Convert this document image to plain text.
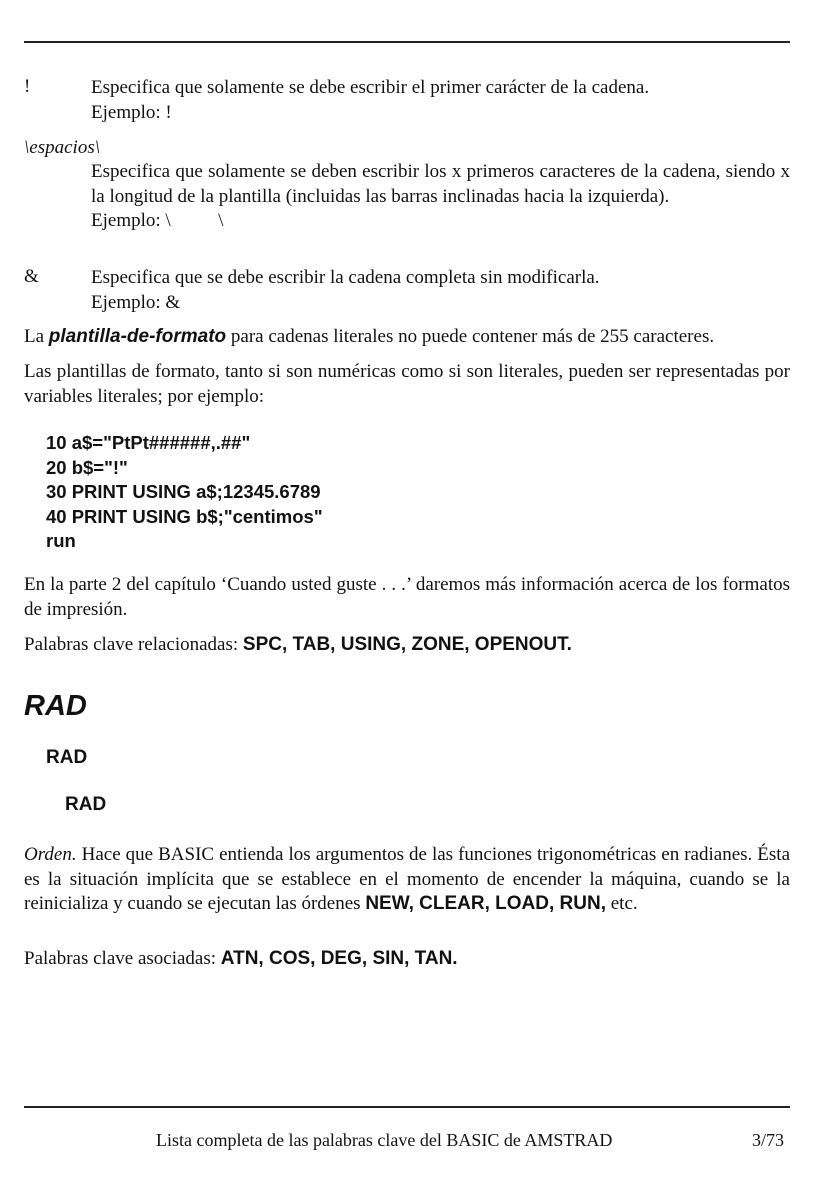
!	Especifica que solamente se debe escribir el primer carácter de la cadena.

Ejemplo: !

\espacios\

Especifica que solamente se deben escribir los x primeros caracteres de la cadena, siendo x la longitud de la plantilla (incluidas las barras inclinadas hacia la izquierda).

Ejemplo: \          \

&	Especifica que se debe escribir la cadena completa sin modificarla.

Ejemplo: &

La plantilla-de-formato para cadenas literales no puede contener más de 255 caracteres.
Las plantillas de formato, tanto si son numéricas como si son literales, pueden ser representadas por variables literales; por ejemplo:
10 a$="PtPt######,.##"
20 b$="!"
30 PRINT USING a$;12345.6789
40 PRINT USING b$;"centimos"
run
En la parte 2 del capítulo ‘Cuando usted guste . . .’ daremos más información acerca de los formatos de impresión.
Palabras clave relacionadas: SPC, TAB, USING, ZONE, OPENOUT.
RAD
RAD
RAD
Orden. Hace que BASIC entienda los argumentos de las funciones trigonométricas en radianes. Ésta es la situación implícita que se establece en el momento de encender la máquina, cuando se la reinicializa y cuando se ejecutan las órdenes NEW, CLEAR, LOAD, RUN, etc.
Palabras clave asociadas: ATN, COS, DEG, SIN, TAN.
Lista completa de las palabras clave del BASIC de AMSTRAD	3/73
